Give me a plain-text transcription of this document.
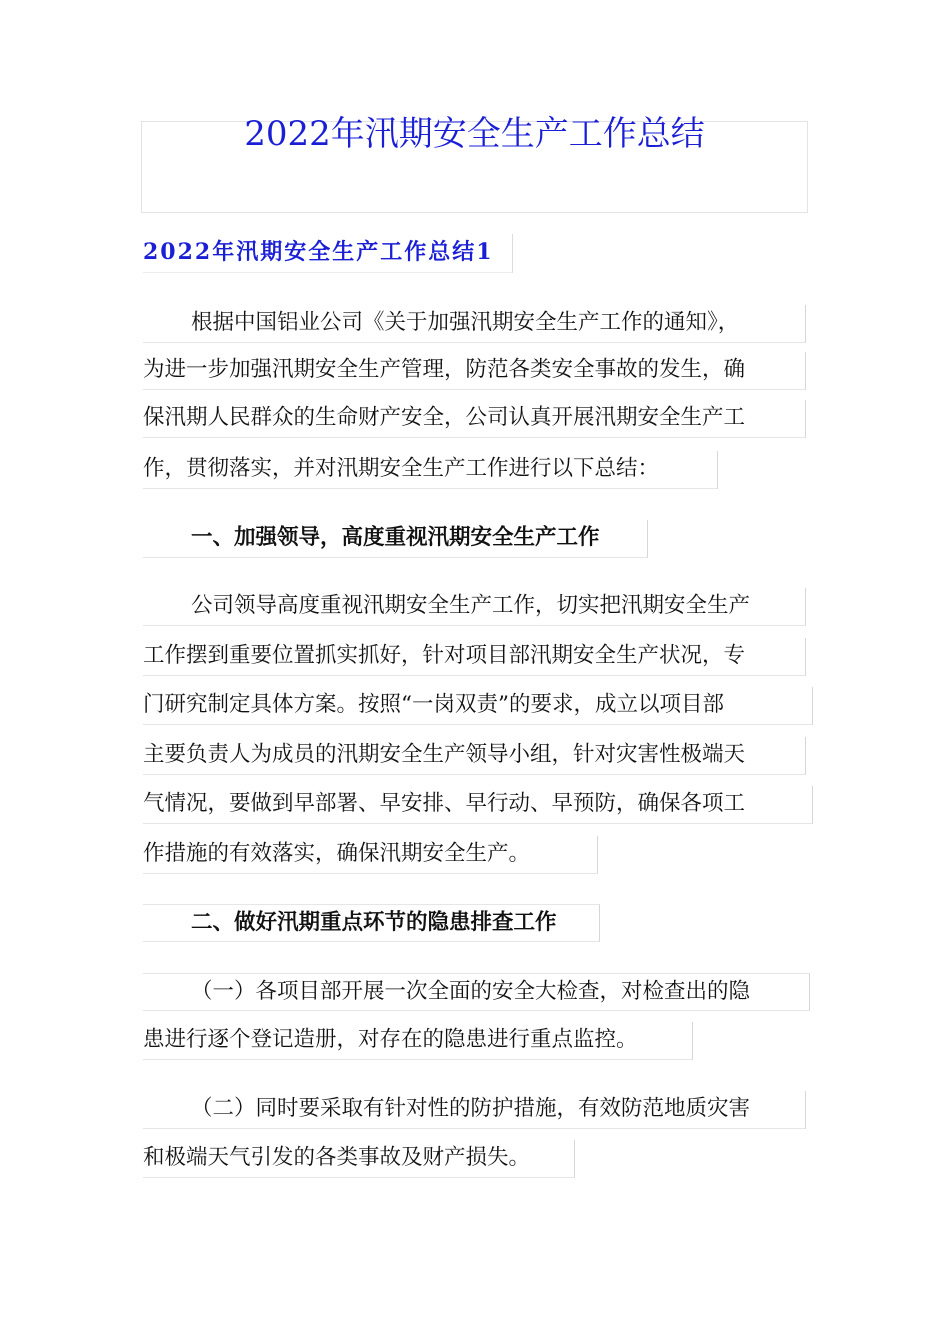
2022年汛期安全生产工作总结
2022年汛期安全生产工作总结1
根据中国铝业公司《关于加强汛期安全生产工作的通知》，
为进一步加强汛期安全生产管理，防范各类安全事故的发生，确
保汛期人民群众的生命财产安全，公司认真开展汛期安全生产工
作，贯彻落实，并对汛期安全生产工作进行以下总结：
一、加强领导，高度重视汛期安全生产工作
公司领导高度重视汛期安全生产工作，切实把汛期安全生产
工作摆到重要位置抓实抓好，针对项目部汛期安全生产状况，专
门研究制定具体方案。按照“一岗双责”的要求，成立以项目部
主要负责人为成员的汛期安全生产领导小组，针对灾害性极端天
气情况，要做到早部署、早安排、早行动、早预防，确保各项工
作措施的有效落实，确保汛期安全生产。
二、做好汛期重点环节的隐患排查工作
（一）各项目部开展一次全面的安全大检查，对检查出的隐
患进行逐个登记造册，对存在的隐患进行重点监控。
（二）同时要采取有针对性的防护措施，有效防范地质灾害
和极端天气引发的各类事故及财产损失。
